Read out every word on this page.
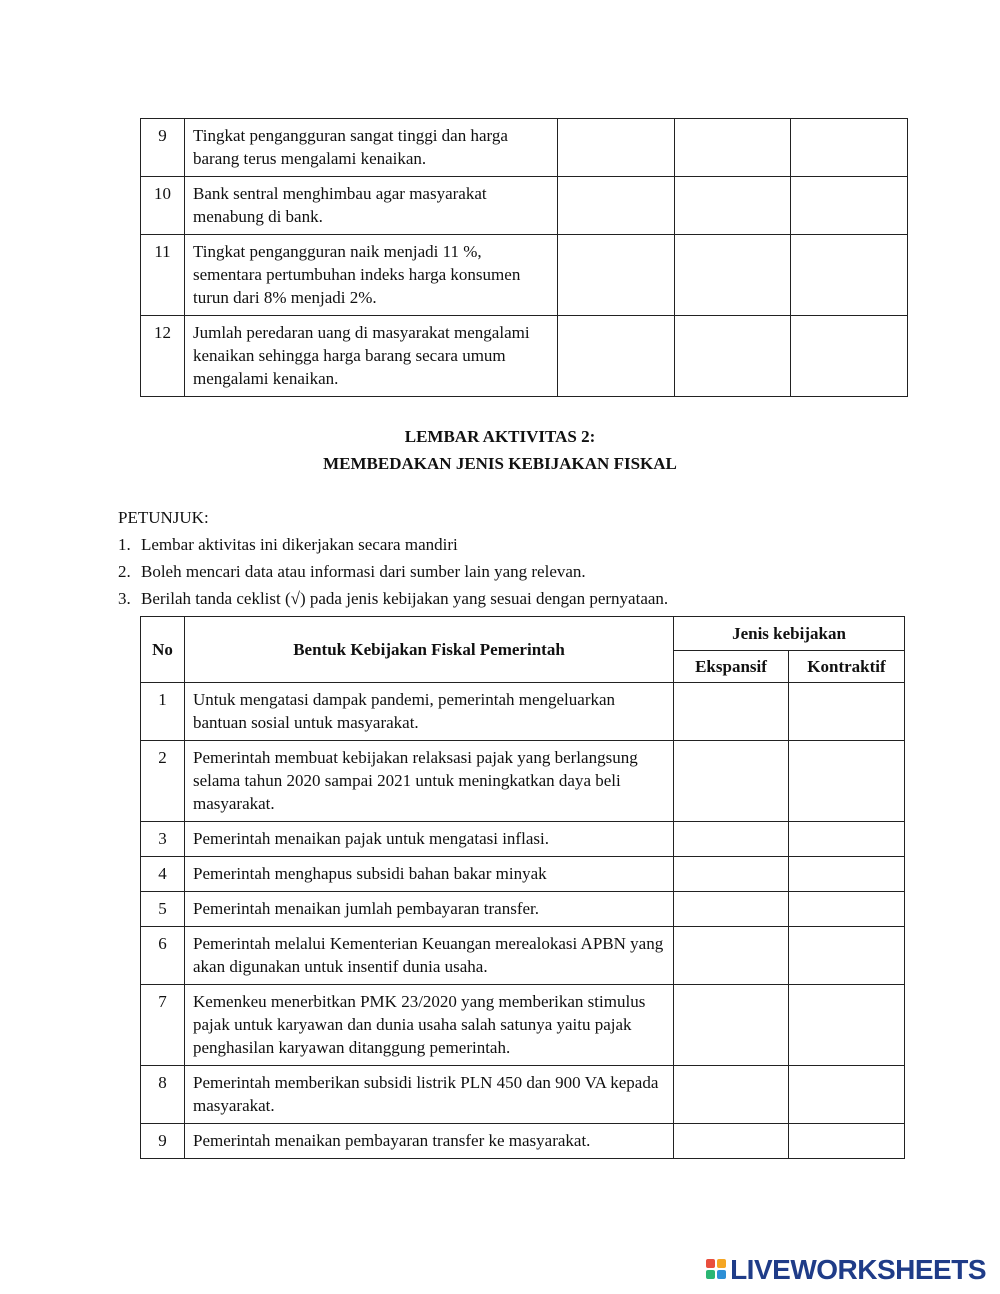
9	Tingkat pengangguran sangat tinggi dan harga barang terus mengalami kenaikan.			
10	Bank sentral menghimbau agar masyarakat menabung di bank.			
11	Tingkat pengangguran naik menjadi 11 %, sementara pertumbuhan indeks harga konsumen turun dari 8% menjadi 2%.			
12	Jumlah peredaran uang di masyarakat mengalami kenaikan sehingga harga barang secara umum mengalami kenaikan.			
LEMBAR AKTIVITAS 2:
MEMBEDAKAN JENIS KEBIJAKAN FISKAL
PETUNJUK:
1. Lembar aktivitas ini dikerjakan secara mandiri
2. Boleh mencari data atau informasi dari sumber lain yang relevan.
3. Berilah tanda ceklist (√) pada jenis kebijakan yang sesuai dengan pernyataan.
No	Bentuk Kebijakan Fiskal Pemerintah	Jenis kebijakan	
		Ekspansif	Kontraktif
1	Untuk mengatasi dampak pandemi, pemerintah mengeluarkan bantuan sosial untuk masyarakat.		
2	Pemerintah membuat kebijakan relaksasi pajak yang berlangsung selama tahun 2020 sampai 2021 untuk meningkatkan daya beli masyarakat.		
3	Pemerintah menaikan pajak untuk mengatasi inflasi.		
4	Pemerintah menghapus subsidi bahan bakar minyak		
5	Pemerintah menaikan jumlah pembayaran transfer.		
6	Pemerintah melalui Kementerian Keuangan merealokasi APBN yang akan digunakan untuk insentif dunia usaha.		
7	Kemenkeu menerbitkan PMK 23/2020 yang memberikan stimulus pajak untuk karyawan dan dunia usaha salah satunya yaitu pajak penghasilan karyawan ditanggung pemerintah.		
8	Pemerintah memberikan subsidi listrik PLN 450 dan 900 VA kepada masyarakat.		
9	Pemerintah menaikan pembayaran transfer ke masyarakat.		
LIVEWORKSHEETS
